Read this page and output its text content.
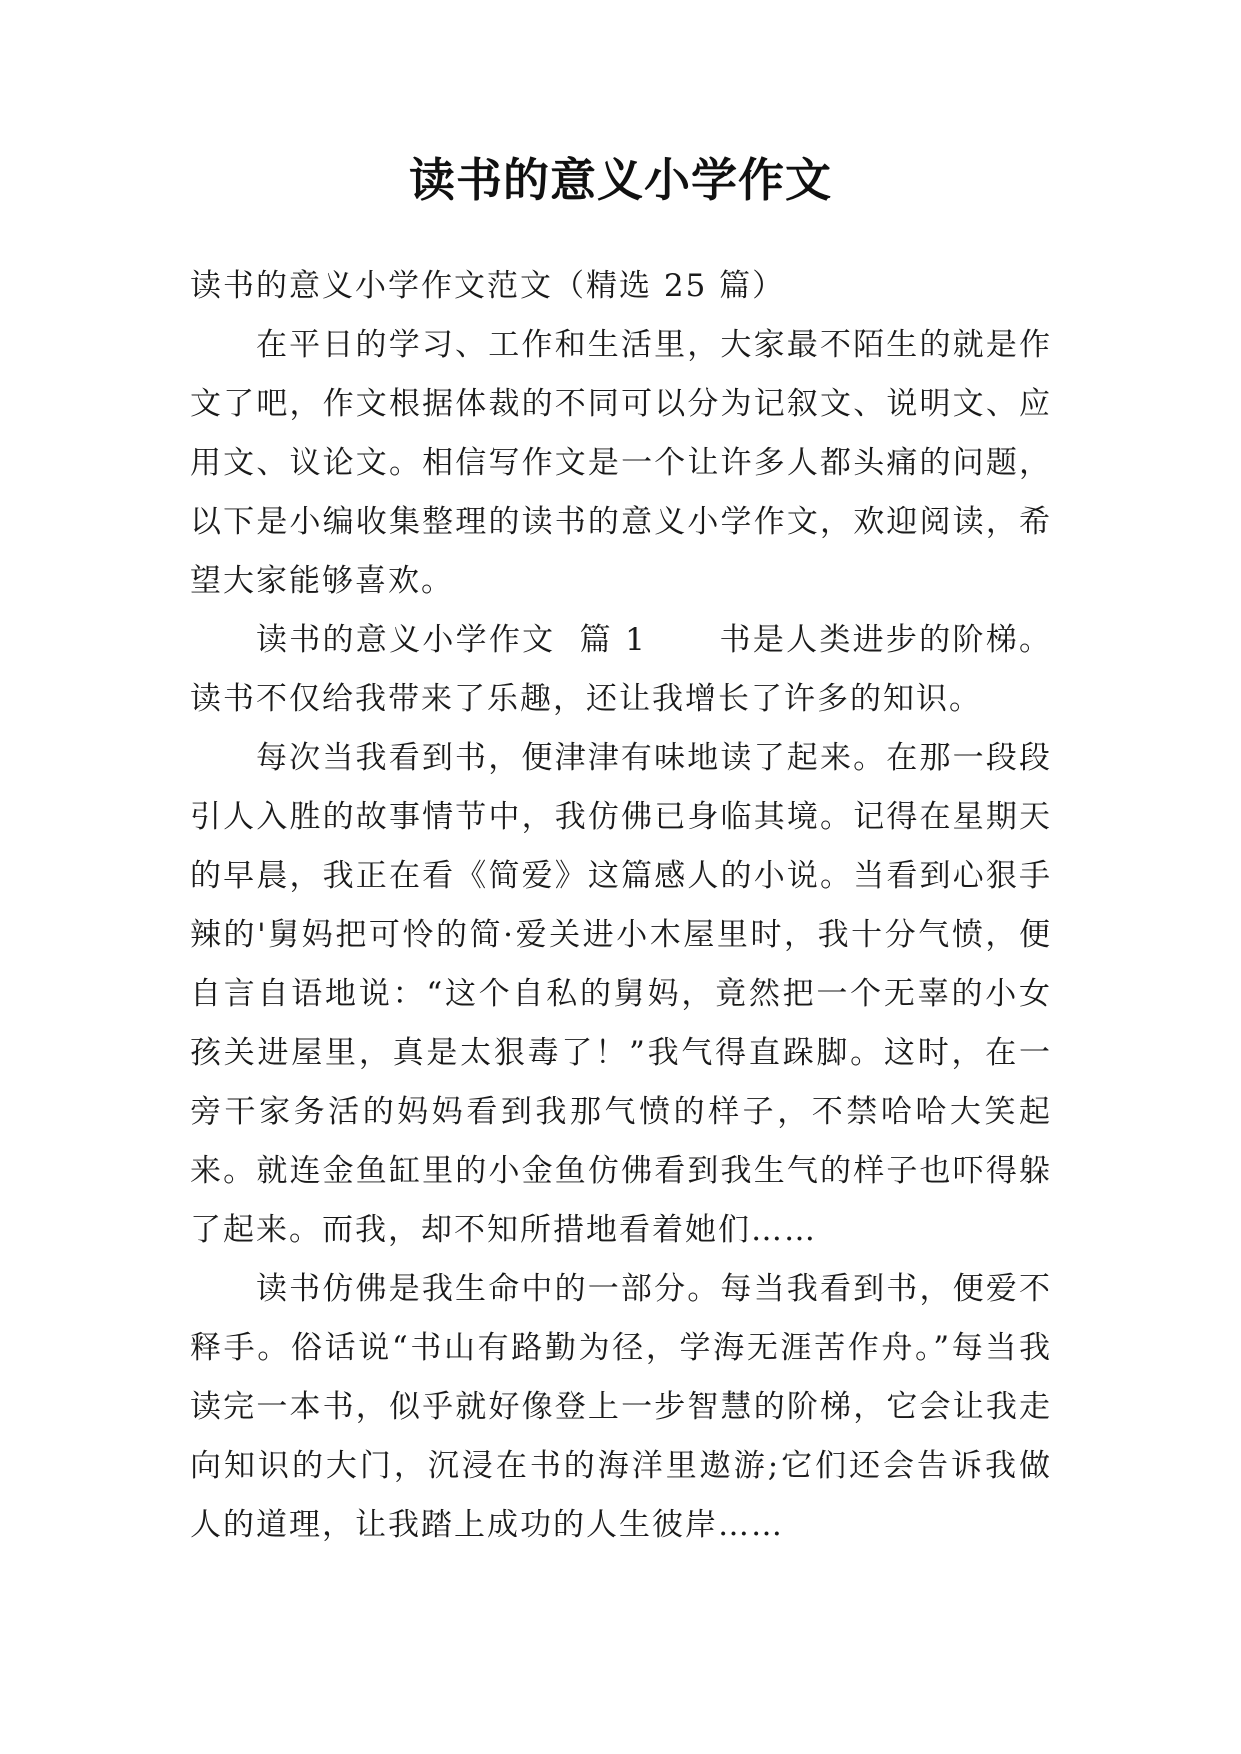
读书的意义小学作文

读书的意义小学作文范文（精选 25 篇）

在平日的学习、工作和生活里，大家最不陌生的就是作文了吧，作文根据体裁的不同可以分为记叙文、说明文、应用文、议论文。相信写作文是一个让许多人都头痛的问题，以下是小编收集整理的读书的意义小学作文，欢迎阅读，希望大家能够喜欢。

读书的意义小学作文  篇 1      书是人类进步的阶梯。读书不仅给我带来了乐趣，还让我增长了许多的知识。

每次当我看到书，便津津有味地读了起来。在那一段段引人入胜的故事情节中，我仿佛已身临其境。记得在星期天的早晨，我正在看《简爱》这篇感人的小说。当看到心狠手辣的'舅妈把可怜的简·爱关进小木屋里时，我十分气愤，便自言自语地说：“这个自私的舅妈，竟然把一个无辜的小女孩关进屋里，真是太狠毒了！”我气得直跺脚。这时，在一旁干家务活的妈妈看到我那气愤的样子，不禁哈哈大笑起来。就连金鱼缸里的小金鱼仿佛看到我生气的样子也吓得躲了起来。而我，却不知所措地看着她们……

读书仿佛是我生命中的一部分。每当我看到书，便爱不释手。俗话说“书山有路勤为径，学海无涯苦作舟。”每当我读完一本书，似乎就好像登上一步智慧的阶梯，它会让我走向知识的大门，沉浸在书的海洋里遨游;它们还会告诉我做人的道理，让我踏上成功的人生彼岸……
